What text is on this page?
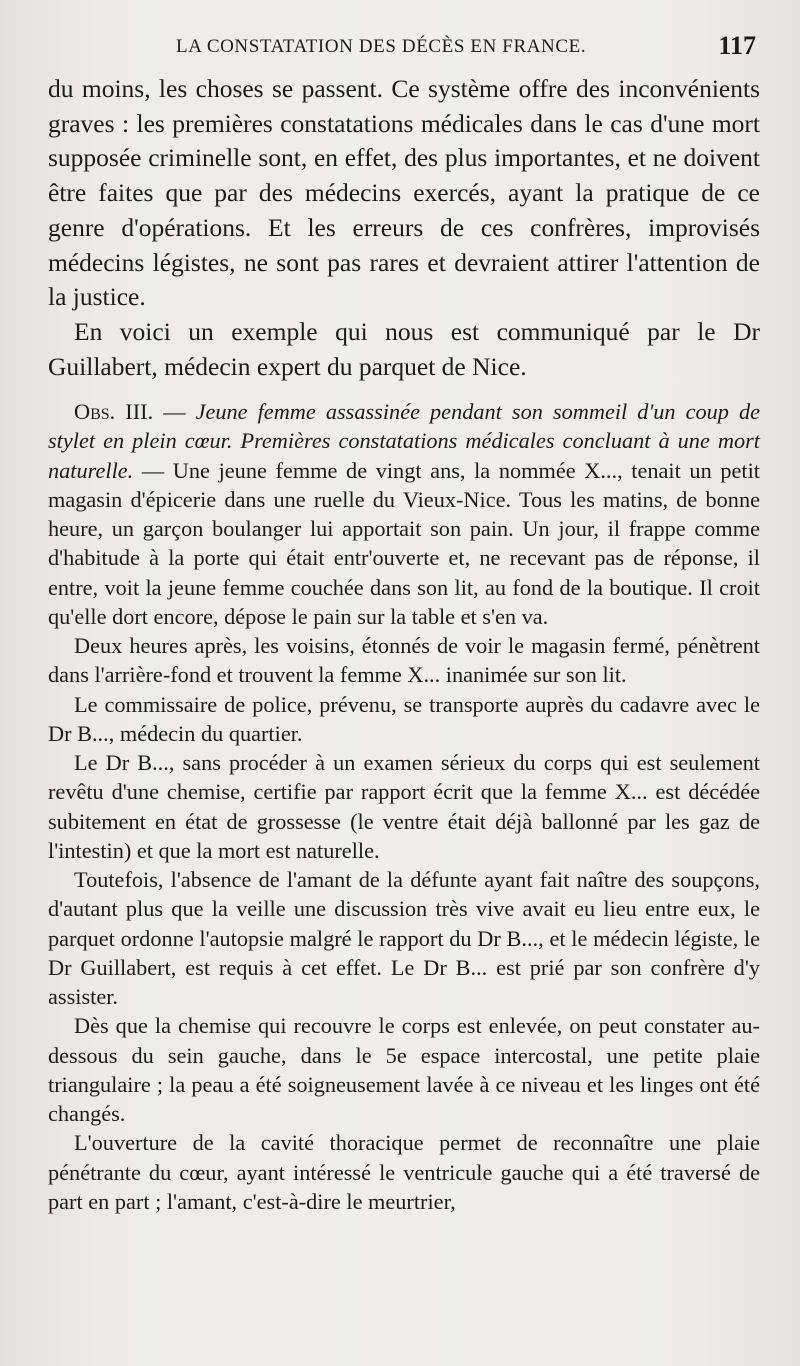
LA CONSTATATION DES DÉCÈS EN FRANCE.	117

du moins, les choses se passent. Ce système offre des inconvénients graves : les premières constatations médicales dans le cas d'une mort supposée criminelle sont, en effet, des plus importantes, et ne doivent être faites que par des médecins exercés, ayant la pratique de ce genre d'opérations. Et les erreurs de ces confrères, improvisés médecins légistes, ne sont pas rares et devraient attirer l'attention de la justice.

En voici un exemple qui nous est communiqué par le Dr Guillabert, médecin expert du parquet de Nice.

Obs. III. — Jeune femme assassinée pendant son sommeil d'un coup de stylet en plein cœur. Premières constatations médicales concluant à une mort naturelle. — Une jeune femme de vingt ans, la nommée X..., tenait un petit magasin d'épicerie dans une ruelle du Vieux-Nice. Tous les matins, de bonne heure, un garçon boulanger lui apportait son pain. Un jour, il frappe comme d'habitude à la porte qui était entr'ouverte et, ne recevant pas de réponse, il entre, voit la jeune femme couchée dans son lit, au fond de la boutique. Il croit qu'elle dort encore, dépose le pain sur la table et s'en va.

Deux heures après, les voisins, étonnés de voir le magasin fermé, pénètrent dans l'arrière-fond et trouvent la femme X... inanimée sur son lit.

Le commissaire de police, prévenu, se transporte auprès du cadavre avec le Dr B..., médecin du quartier.

Le Dr B..., sans procéder à un examen sérieux du corps qui est seulement revêtu d'une chemise, certifie par rapport écrit que la femme X... est décédée subitement en état de grossesse (le ventre était déjà ballonné par les gaz de l'intestin) et que la mort est naturelle.

Toutefois, l'absence de l'amant de la défunte ayant fait naître des soupçons, d'autant plus que la veille une discussion très vive avait eu lieu entre eux, le parquet ordonne l'autopsie malgré le rapport du Dr B..., et le médecin légiste, le Dr Guillabert, est requis à cet effet. Le Dr B... est prié par son confrère d'y assister.

Dès que la chemise qui recouvre le corps est enlevée, on peut constater au-dessous du sein gauche, dans le 5e espace intercostal, une petite plaie triangulaire ; la peau a été soigneusement lavée à ce niveau et les linges ont été changés.

L'ouverture de la cavité thoracique permet de reconnaître une plaie pénétrante du cœur, ayant intéressé le ventricule gauche qui a été traversé de part en part ; l'amant, c'est-à-dire le meurtrier,
